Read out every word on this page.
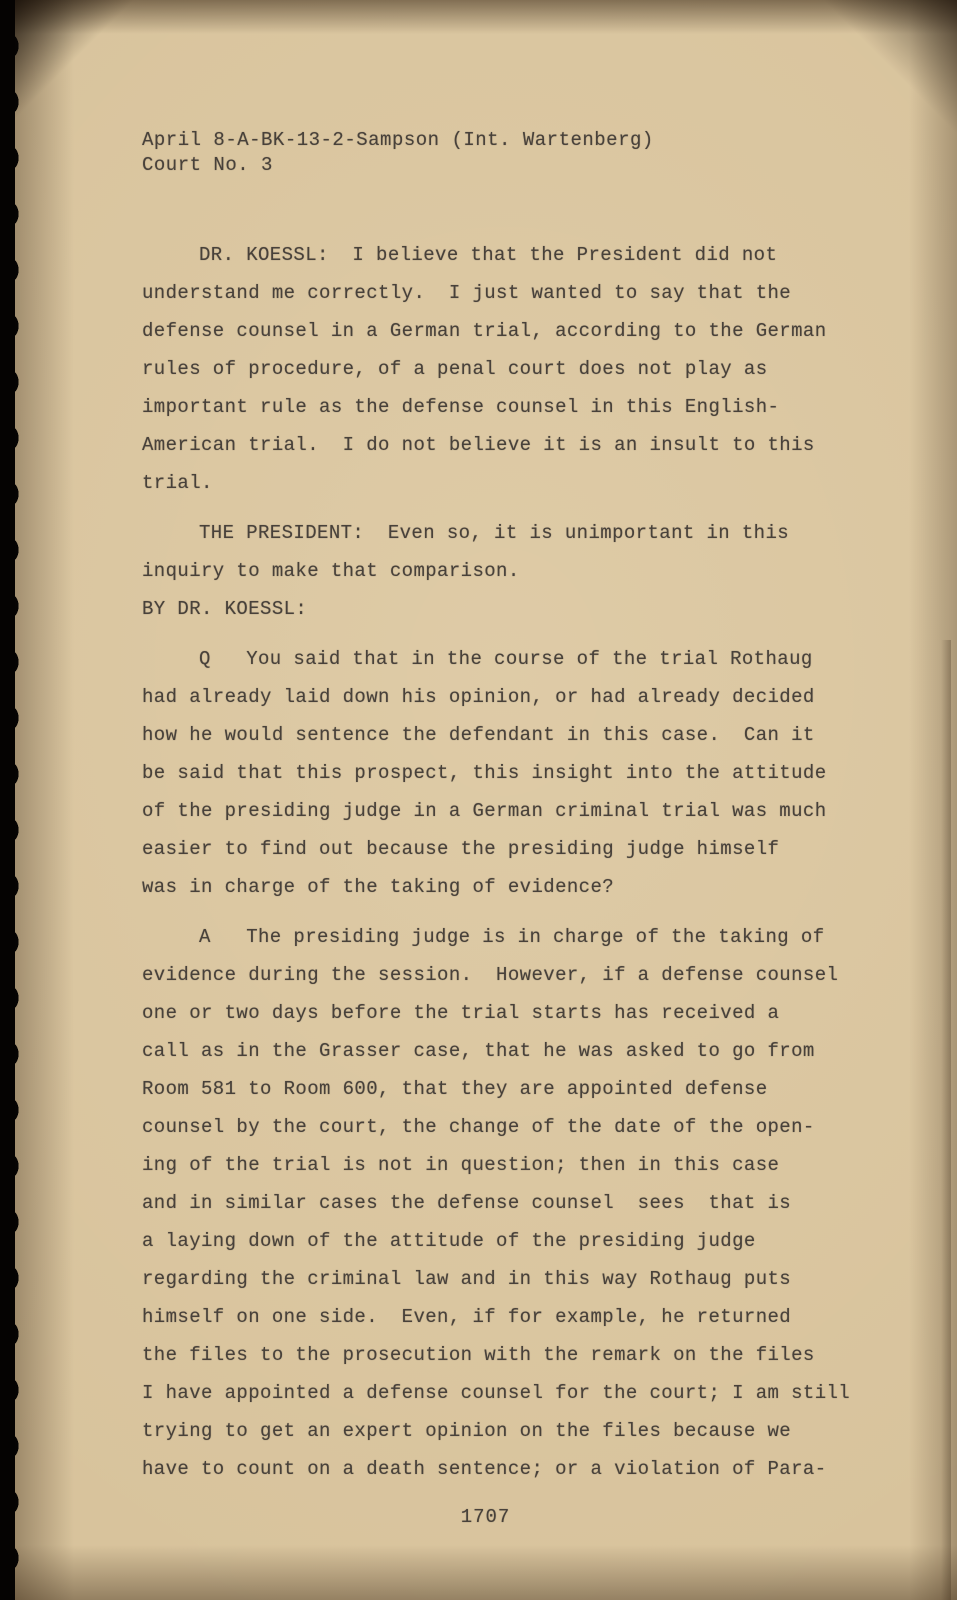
April 8-A-BK-13-2-Sampson (Int. Wartenberg)
Court No. 3
DR. KOESSL:  I believe that the President did not
understand me correctly.  I just wanted to say that the
defense counsel in a German trial, according to the German
rules of procedure, of a penal court does not play as
important rule as the defense counsel in this English-
American trial.  I do not believe it is an insult to this
trial.
THE PRESIDENT:  Even so, it is unimportant in this
inquiry to make that comparison.
BY DR. KOESSL:
Q   You said that in the course of the trial Rothaug
had already laid down his opinion, or had already decided
how he would sentence the defendant in this case.  Can it
be said that this prospect, this insight into the attitude
of the presiding judge in a German criminal trial was much
easier to find out because the presiding judge himself
was in charge of the taking of evidence?
A   The presiding judge is in charge of the taking of
evidence during the session.  However, if a defense counsel
one or two days before the trial starts has received a
call as in the Grasser case, that he was asked to go from
Room 581 to Room 600, that they are appointed defense
counsel by the court, the change of the date of the open-
ing of the trial is not in question; then in this case
and in similar cases the defense counsel  sees  that is
a laying down of the attitude of the presiding judge
regarding the criminal law and in this way Rothaug puts
himself on one side.  Even, if for example, he returned
the files to the prosecution with the remark on the files
I have appointed a defense counsel for the court; I am still
trying to get an expert opinion on the files because we
have to count on a death sentence; or a violation of Para-
1707
